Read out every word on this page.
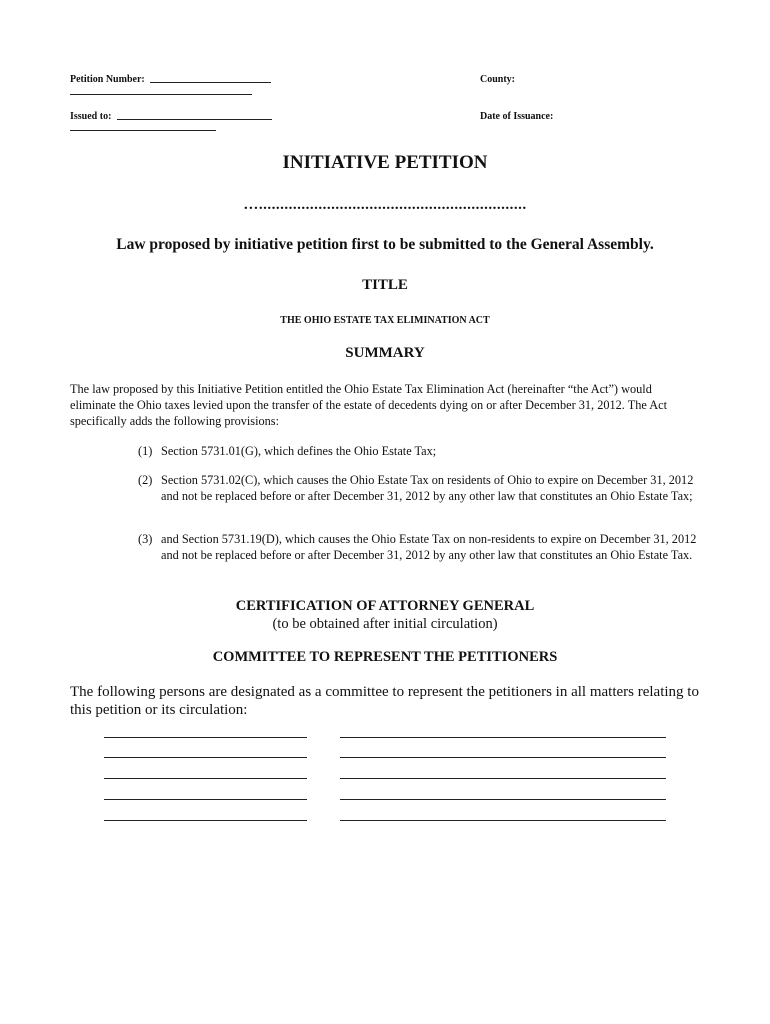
Petition Number:	County:
Issued to:	Date of Issuance:
INITIATIVE PETITION
…...............................................................
Law proposed by initiative petition first to be submitted to the General Assembly.
TITLE
THE OHIO ESTATE TAX ELIMINATION ACT
SUMMARY
The law proposed by this Initiative Petition entitled the Ohio Estate Tax Elimination Act (hereinafter “the Act”) would eliminate the Ohio taxes levied upon the transfer of the estate of decedents dying on or after December 31, 2012. The Act specifically adds the following provisions:
(1) Section 5731.01(G), which defines the Ohio Estate Tax;
(2) Section 5731.02(C), which causes the Ohio Estate Tax on residents of Ohio to expire on December 31, 2012 and not be replaced before or after December 31, 2012 by any other law that constitutes an Ohio Estate Tax;
(3) and Section 5731.19(D), which causes the Ohio Estate Tax on non-residents to expire on December 31, 2012 and not be replaced before or after December 31, 2012 by any other law that constitutes an Ohio Estate Tax.
CERTIFICATION OF ATTORNEY GENERAL
(to be obtained after initial circulation)
COMMITTEE TO REPRESENT THE PETITIONERS
The following persons are designated as a committee to represent the petitioners in all matters relating to this petition or its circulation:
